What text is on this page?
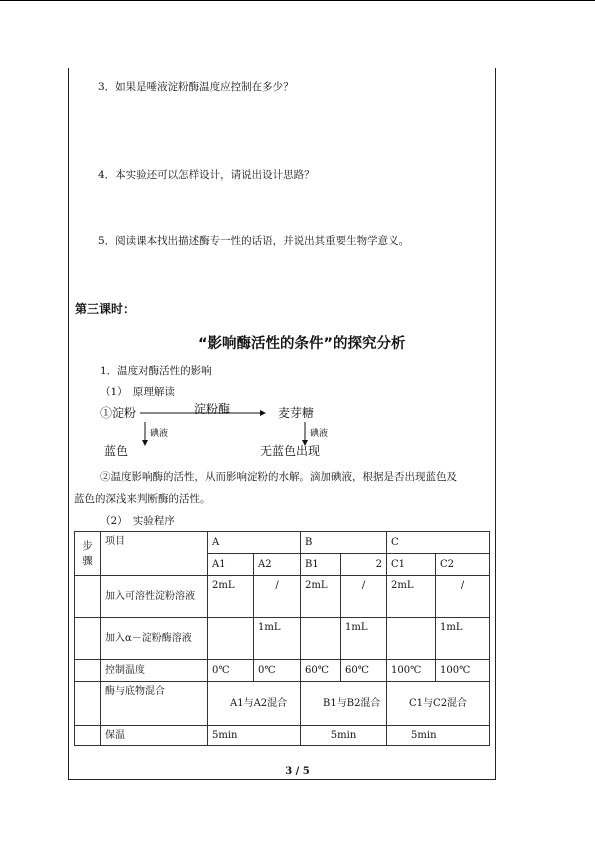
3．如果是唾液淀粉酶温度应控制在多少？
4．本实验还可以怎样设计，请说出设计思路？
5．阅读课本找出描述酶专一性的话语，并说出其重要生物学意义。
第三课时：
“影响酶活性的条件”的探究分析
1．温度对酶活性的影响
（1）　原理解读
①淀粉	淀粉酶	麦芽糖
碘液	碘液
蓝色	无蓝色出现
②温度影响酶的活性，从而影响淀粉的水解。滴加碘液，根据是否出现蓝色及
蓝色的深浅来判断酶的活性。
（2）　实验程序
步骤	项目	A		B		C	
		A1	A2	B1	2	C1	C2
	加入可溶性淀粉溶液	2mL	/	2mL	/	2mL	/
	加入α－淀粉酶溶液		1mL		1mL		1mL
	控制温度	0℃	0℃	60℃	60℃	100℃	100℃
	酶与底物混合	A1与A2混合		B1与B2混合		C1与C2混合	
	保温	5min		5min		5min	
3 / 5
